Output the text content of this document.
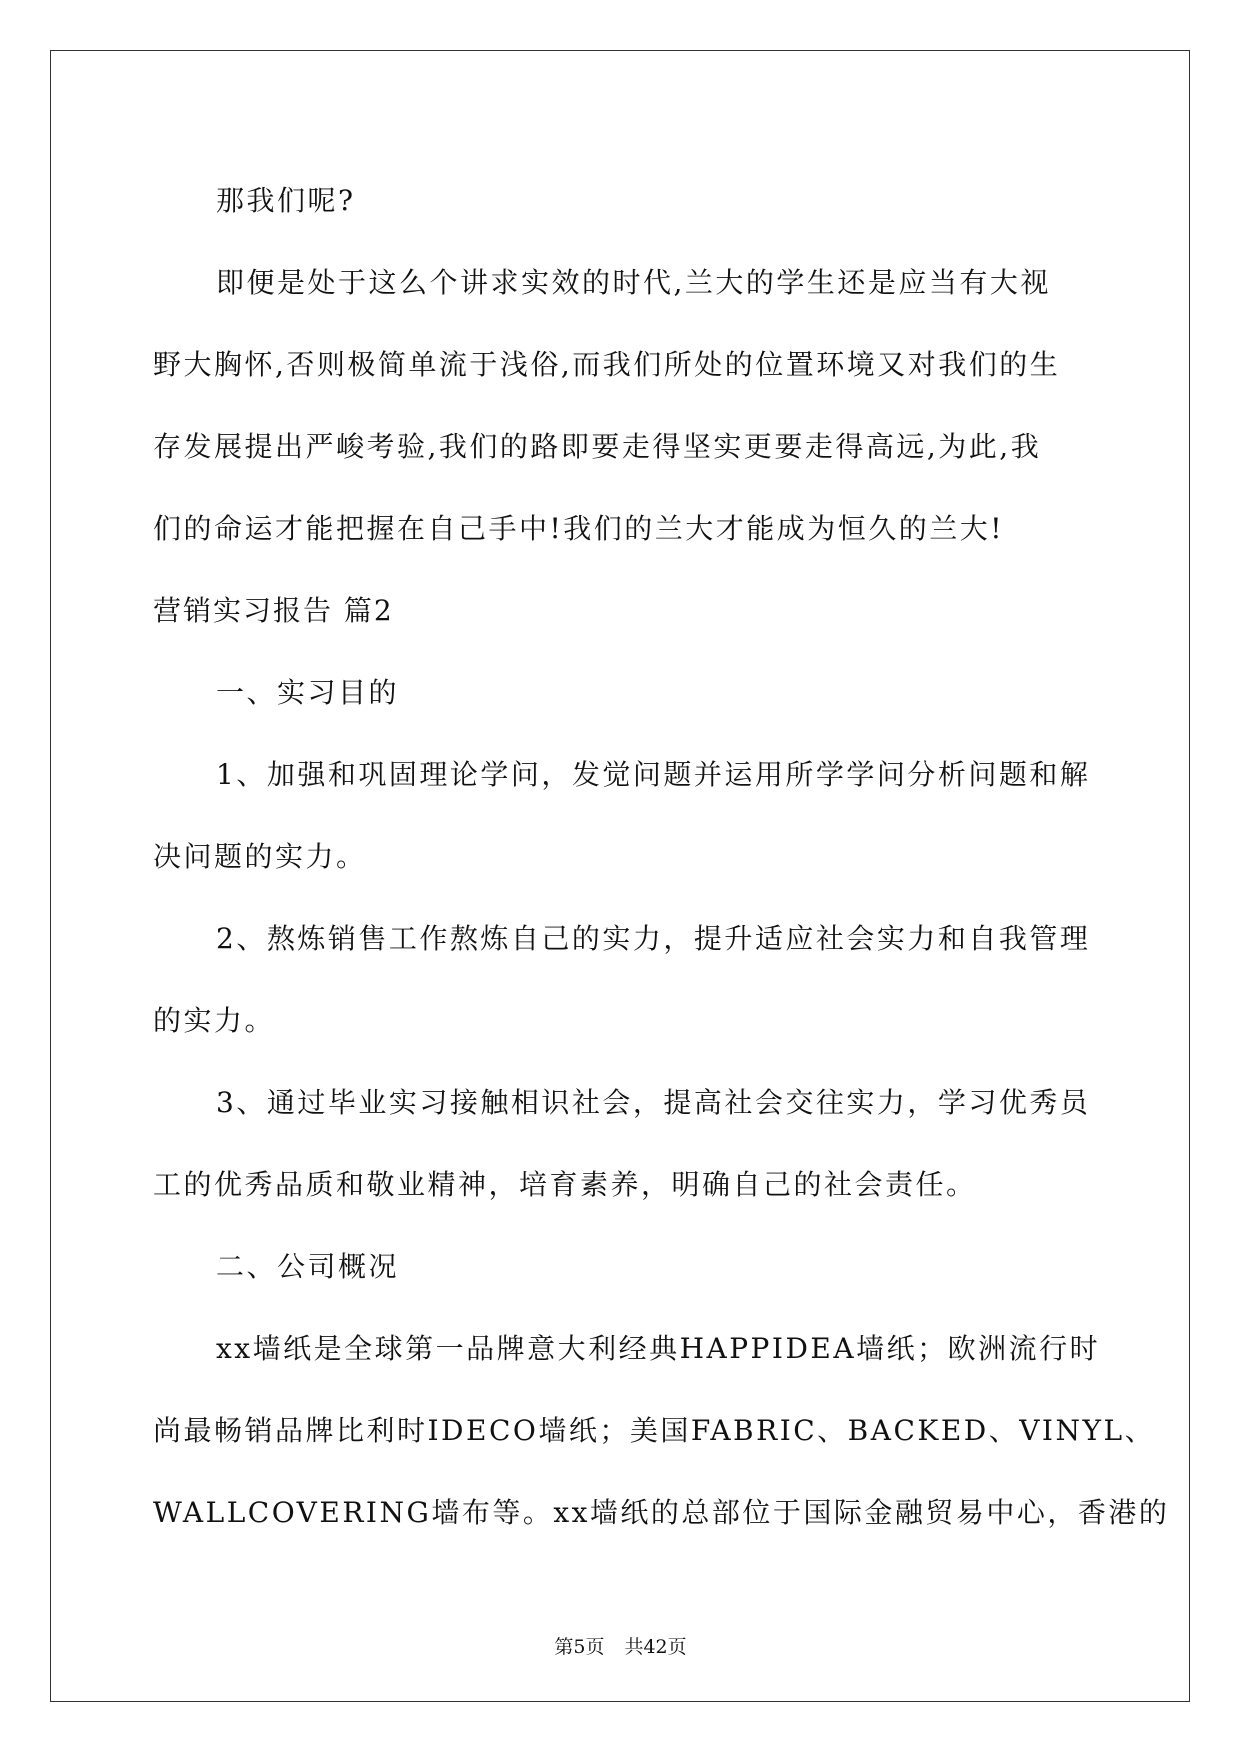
那我们呢?
即便是处于这么个讲求实效的时代,兰大的学生还是应当有大视
野大胸怀,否则极简单流于浅俗,而我们所处的位置环境又对我们的生
存发展提出严峻考验,我们的路即要走得坚实更要走得高远,为此,我
们的命运才能把握在自己手中!我们的兰大才能成为恒久的兰大!
营销实习报告 篇2
一、实习目的
1、加强和巩固理论学问，发觉问题并运用所学学问分析问题和解
决问题的实力。
2、熬炼销售工作熬炼自己的实力，提升适应社会实力和自我管理
的实力。
3、通过毕业实习接触相识社会，提高社会交往实力，学习优秀员
工的优秀品质和敬业精神，培育素养，明确自己的社会责任。
二、公司概况
xx墙纸是全球第一品牌意大利经典HAPPIDEA墙纸；欧洲流行时
尚最畅销品牌比利时IDECO墙纸；美国FABRIC、BACKED、VINYL、
WALLCOVERING墙布等。xx墙纸的总部位于国际金融贸易中心，香港的
第5页 共42页
